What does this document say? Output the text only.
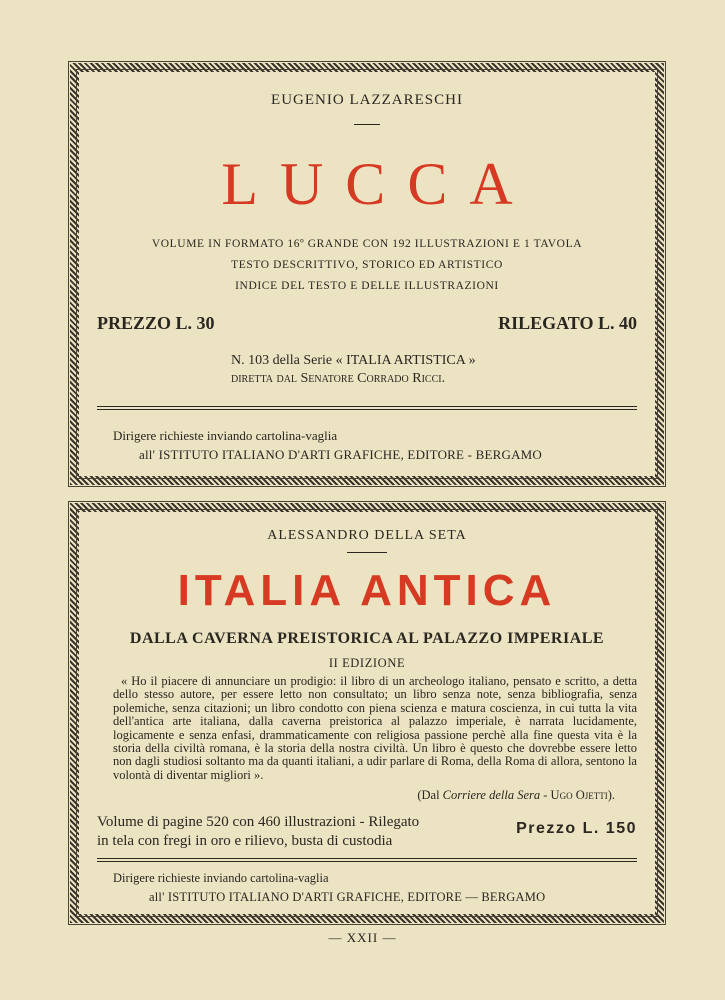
EUGENIO LAZZARESCHI
LUCCA
VOLUME IN FORMATO 16º GRANDE CON 192 ILLUSTRAZIONI E 1 TAVOLA
TESTO DESCRITTIVO, STORICO ED ARTISTICO
INDICE DEL TESTO E DELLE ILLUSTRAZIONI
PREZZO L. 30	RILEGATO L. 40
N. 103 della Serie « ITALIA ARTISTICA »
diretta dal Senatore Corrado Ricci.
Dirigere richieste inviando cartolina-vaglia
all' ISTITUTO ITALIANO D'ARTI GRAFICHE, EDITORE - BERGAMO
ALESSANDRO DELLA SETA
ITALIA ANTICA
DALLA CAVERNA PREISTORICA AL PALAZZO IMPERIALE
II EDIZIONE
« Ho il piacere di annunciare un prodigio: il libro di un archeologo italiano, pensato e scritto, a detta dello stesso autore, per essere letto non consultato; un libro senza note, senza bibliografia, senza polemiche, senza citazioni; un libro condotto con piena scienza e matura coscienza, in cui tutta la vita dell'antica arte italiana, dalla caverna preistorica al palazzo imperiale, è narrata lucidamente, logicamente e senza enfasi, drammaticamente con religiosa passione perchè alla fine questa vita è la storia della civiltà romana, è la storia della nostra civiltà. Un libro è questo che dovrebbe essere letto non dagli studiosi soltanto ma da quanti italiani, a udir parlare di Roma, della Roma di allora, sentono la volontà di diventar migliori ».
(Dal Corriere della Sera - Ugo Ojetti).
Volume di pagine 520 con 460 illustrazioni - Rilegato
in tela con fregi in oro e rilievo, busta di custodia
Prezzo L. 150
Dirigere richieste inviando cartolina-vaglia
all' ISTITUTO ITALIANO D'ARTI GRAFICHE, EDITORE — BERGAMO
— XXII —
